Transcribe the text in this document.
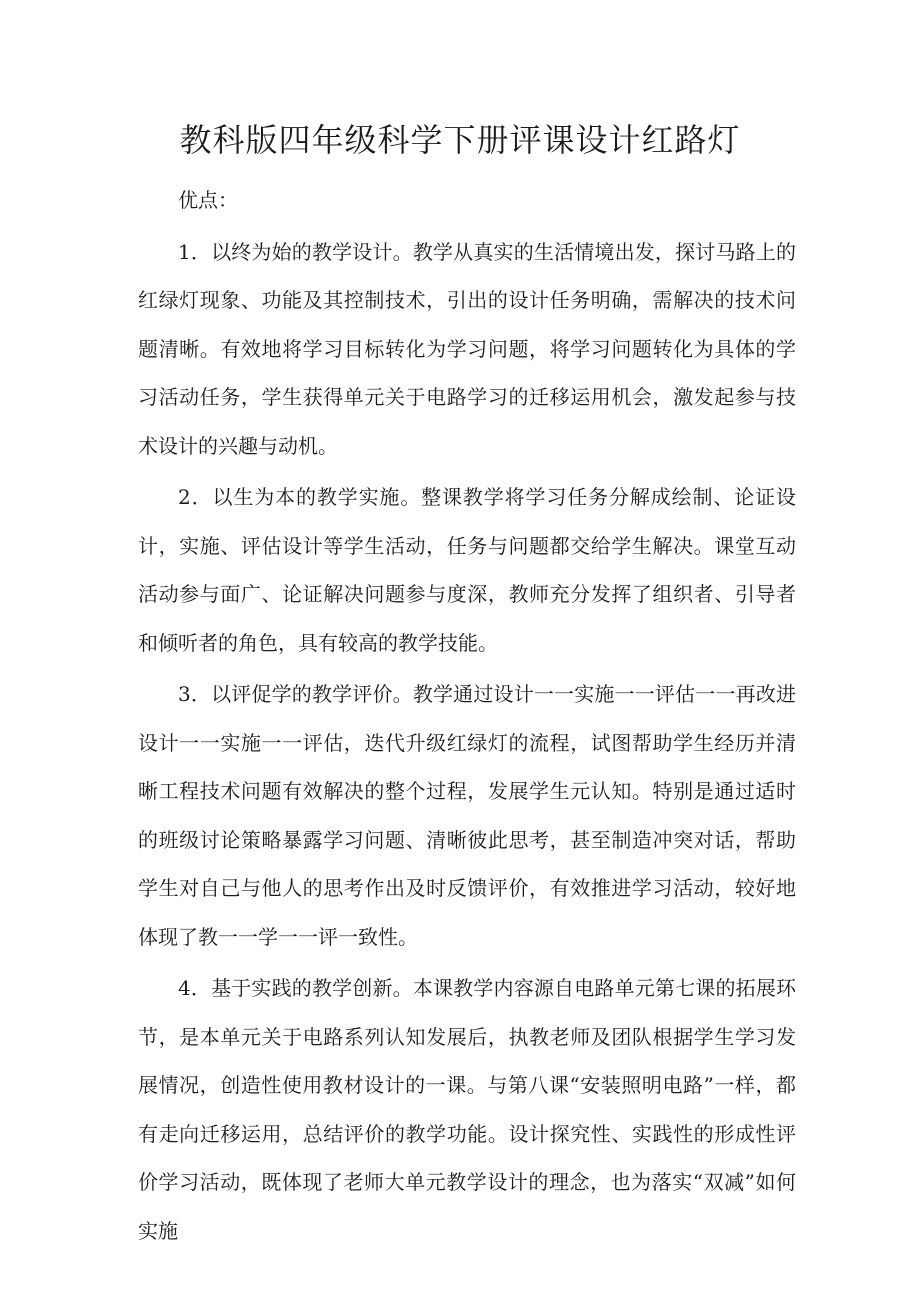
教科版四年级科学下册评课设计红路灯

优点：

1．以终为始的教学设计。教学从真实的生活情境出发，探讨马路上的红绿灯现象、功能及其控制技术，引出的设计任务明确，需解决的技术问题清晰。有效地将学习目标转化为学习问题，将学习问题转化为具体的学习活动任务，学生获得单元关于电路学习的迁移运用机会，激发起参与技术设计的兴趣与动机。

2．以生为本的教学实施。整课教学将学习任务分解成绘制、论证设计，实施、评估设计等学生活动，任务与问题都交给学生解决。课堂互动活动参与面广、论证解决问题参与度深，教师充分发挥了组织者、引导者和倾听者的角色，具有较高的教学技能。

3．以评促学的教学评价。教学通过设计一一实施一一评估一一再改进设计一一实施一一评估，迭代升级红绿灯的流程，试图帮助学生经历并清晰工程技术问题有效解决的整个过程，发展学生元认知。特别是通过适时的班级讨论策略暴露学习问题、清晰彼此思考，甚至制造冲突对话，帮助学生对自己与他人的思考作出及时反馈评价，有效推进学习活动，较好地体现了教一一学一一评一致性。

4．基于实践的教学创新。本课教学内容源自电路单元第七课的拓展环节，是本单元关于电路系列认知发展后，执教老师及团队根据学生学习发展情况，创造性使用教材设计的一课。与第八课“安装照明电路”一样，都有走向迁移运用，总结评价的教学功能。设计探究性、实践性的形成性评价学习活动，既体现了老师大单元教学设计的理念，也为落实“双减”如何实施
